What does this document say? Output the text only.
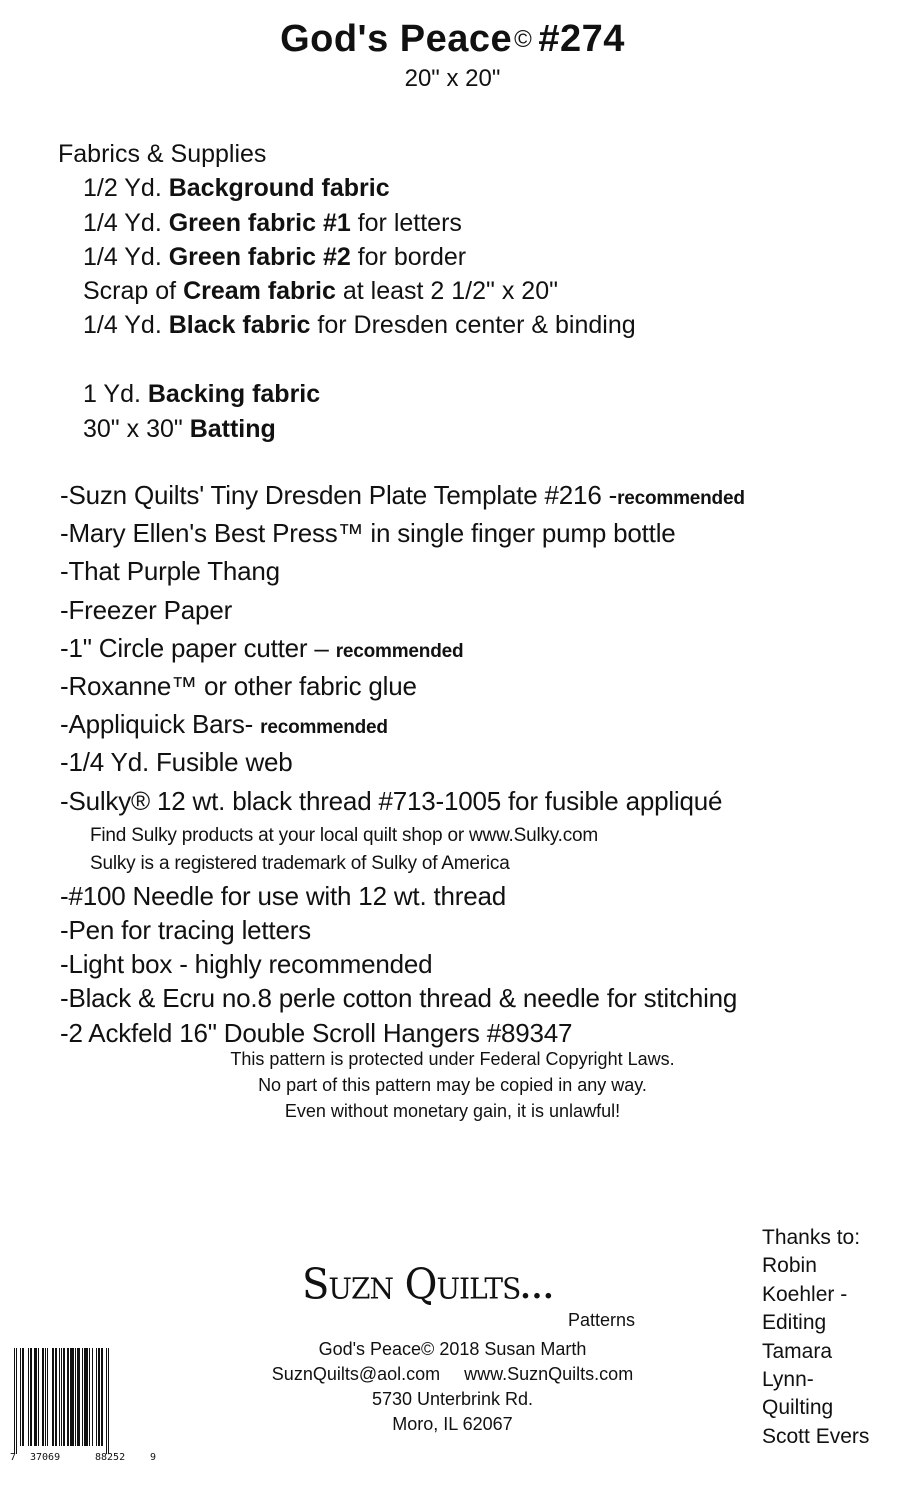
God's Peace© #274
20" x 20"
Fabrics & Supplies
1/2 Yd. Background fabric
1/4 Yd. Green fabric #1 for letters
1/4 Yd. Green fabric #2 for border
Scrap of Cream fabric at least 2 1/2" x 20"
1/4 Yd. Black fabric for Dresden center & binding
1 Yd. Backing fabric
30" x 30" Batting
-Suzn Quilts' Tiny Dresden Plate Template #216 -recommended
-Mary Ellen's Best Press™ in single finger pump bottle
-That Purple Thang
-Freezer Paper
-1" Circle paper cutter – recommended
-Roxanne™ or other fabric glue
-Appliquick Bars- recommended
-1/4 Yd. Fusible web
-Sulky® 12 wt. black thread #713-1005 for fusible appliqué
Find Sulky products at your local quilt shop or www.Sulky.com
Sulky is a registered trademark of Sulky of America
-#100 Needle for use with 12 wt. thread
-Pen for tracing letters
-Light box - highly recommended
-Black & Ecru no.8 perle cotton thread & needle for stitching
-2 Ackfeld 16" Double Scroll Hangers #89347
This pattern is protected under Federal Copyright Laws.
No part of this pattern may be copied in any way.
Even without monetary gain, it is unlawful!
Suzn Quilts...
Patterns
God's Peace© 2018 Susan Marth
SuznQuilts@aol.com www.SuznQuilts.com
5730 Unterbrink Rd.
Moro, IL 62067
Thanks to:
Robin
Koehler -
Editing
Tamara
Lynn-
Quilting
Scott Evers
7 37069	88252 9
